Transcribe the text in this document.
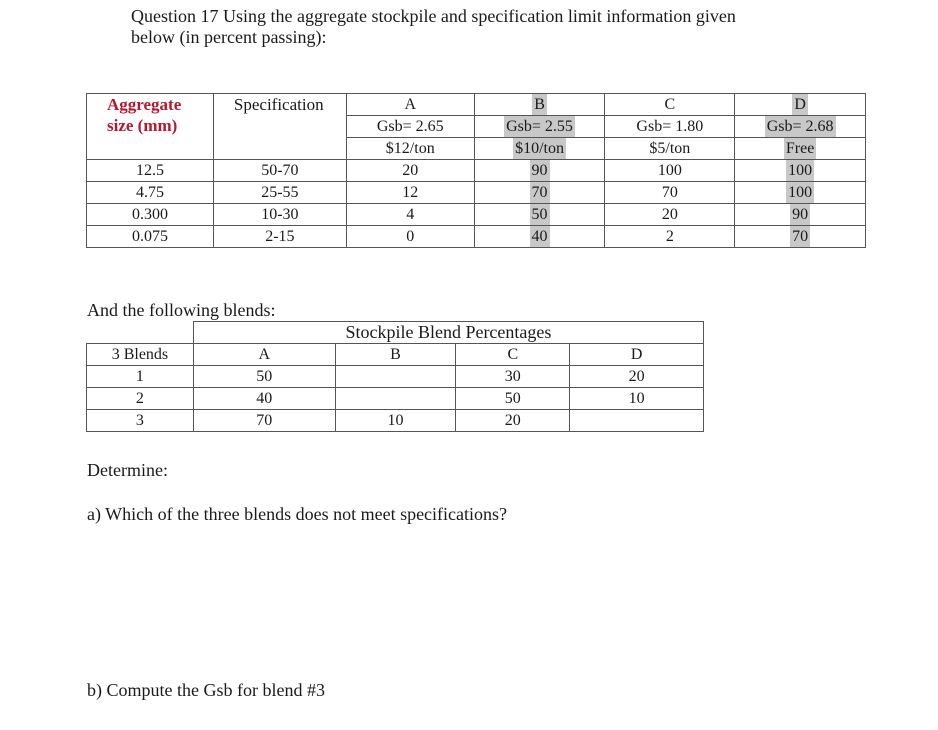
Question 17 Using the aggregate stockpile and specification limit information given
below (in percent passing):
Aggregate
size (mm)	Specification	A	B	C	D
		Gsb= 2.65	Gsb= 2.55	Gsb= 1.80	Gsb= 2.68
		$12/ton	$10/ton	$5/ton	Free
12.5	50-70	20	90	100	100
4.75	25-55	12	70	70	100
0.300	10-30	4	50	20	90
0.075	2-15	0	40	2	70
And the following blends:
	Stockpile Blend Percentages			
3 Blends	A	B	C	D
1	50		30	20
2	40		50	10
3	70	10	20	
Determine:
a) Which of the three blends does not meet specifications?
b) Compute the Gsb for blend #3
